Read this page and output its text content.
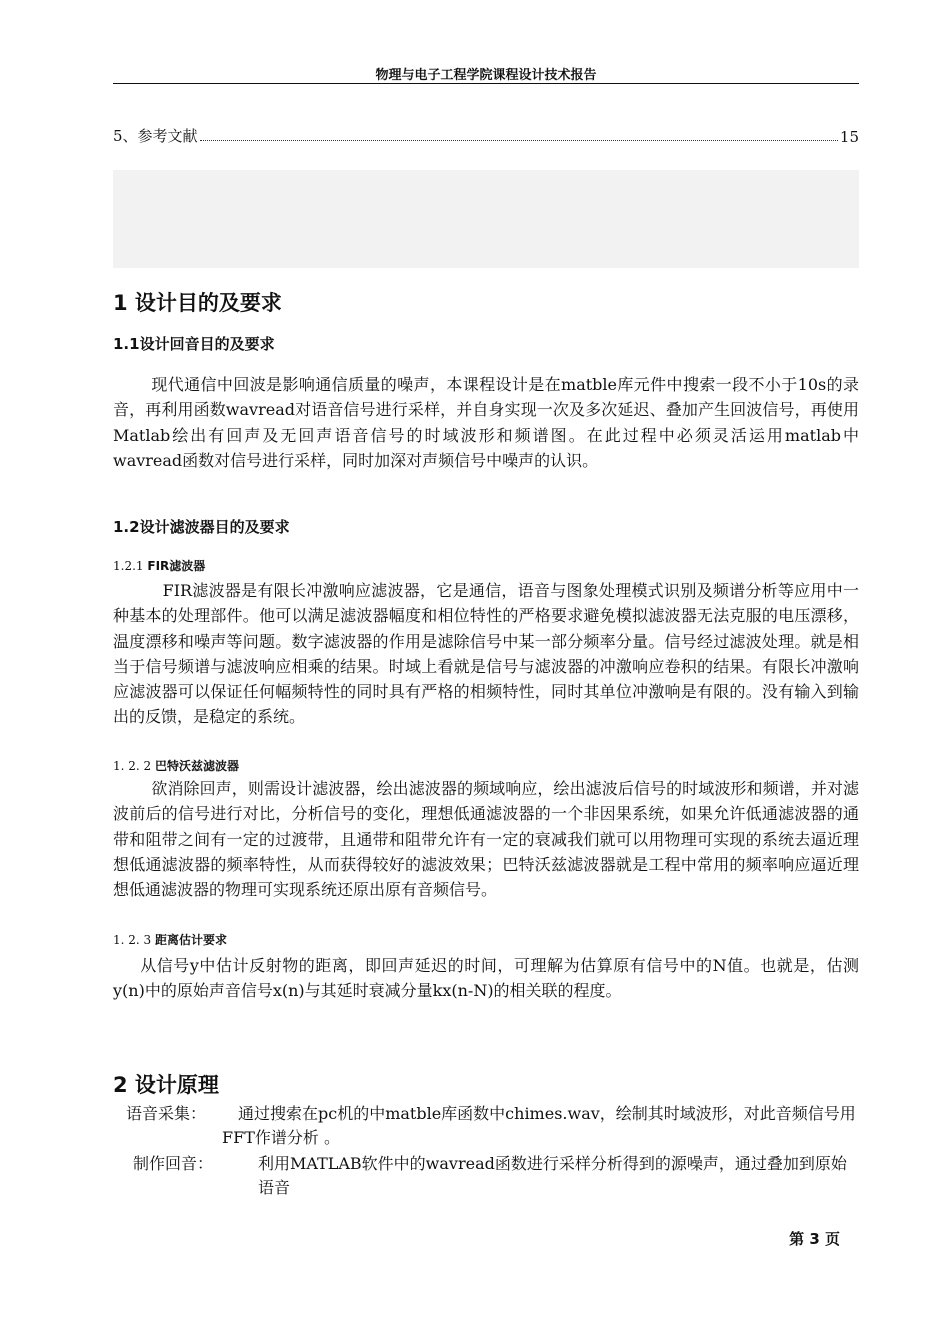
物理与电子工程学院课程设计技术报告
5、参考文献	15
1 设计目的及要求
1.1设计回音目的及要求

现代通信中回波是影响通信质量的噪声，本课程设计是在matble库元件中搜索一段不小于10s的录音，再利用函数wavread对语音信号进行采样，并自身实现一次及多次延迟、叠加产生回波信号，再使用Matlab绘出有回声及无回声语音信号的时域波形和频谱图。在此过程中必须灵活运用matlab中 wavread函数对信号进行采样，同时加深对声频信号中噪声的认识。

1.2设计滤波器目的及要求
1.2.1 FIR滤波器

FIR滤波器是有限长冲激响应滤波器，它是通信，语音与图象处理模式识别及频谱分析等应用中一种基本的处理部件。他可以满足滤波器幅度和相位特性的严格要求避免模拟滤波器无法克服的电压漂移，温度漂移和噪声等问题。数字滤波器的作用是滤除信号中某一部分频率分量。信号经过滤波处理。就是相当于信号频谱与滤波响应相乘的结果。时域上看就是信号与滤波器的冲激响应卷积的结果。有限长冲激响应滤波器可以保证任何幅频特性的同时具有严格的相频特性，同时其单位冲激响是有限的。没有输入到输出的反馈，是稳定的系统。

1. 2. 2 巴特沃兹滤波器

欲消除回声，则需设计滤波器，绘出滤波器的频域响应，绘出滤波后信号的时域波形和频谱，并对滤波前后的信号进行对比，分析信号的变化，理想低通滤波器的一个非因果系统，如果允许低通滤波器的通带和阻带之间有一定的过渡带，且通带和阻带允许有一定的衰减我们就可以用物理可实现的系统去逼近理想低通滤波器的频率特性，从而获得较好的滤波效果；巴特沃兹滤波器就是工程中常用的频率响应逼近理想低通滤波器的物理可实现系统还原出原有音频信号。

1. 2. 3 距离估计要求

从信号y中估计反射物的距离，即回声延迟的时间，可理解为估算原有信号中的N值。也就是，估测y(n)中的原始声音信号x(n)与其延时衰减分量kx(n-N)的相关联的程度。

2 设计原理
语音采集：	通过搜索在pc机的中matble库函数中chimes.wav，绘制其时域波形，对此音频信号用FFT作谱分析 。
制作回音：	利用MATLAB软件中的wavread函数进行采样分析得到的源噪声，通过叠加到原始语音
第 3 页
